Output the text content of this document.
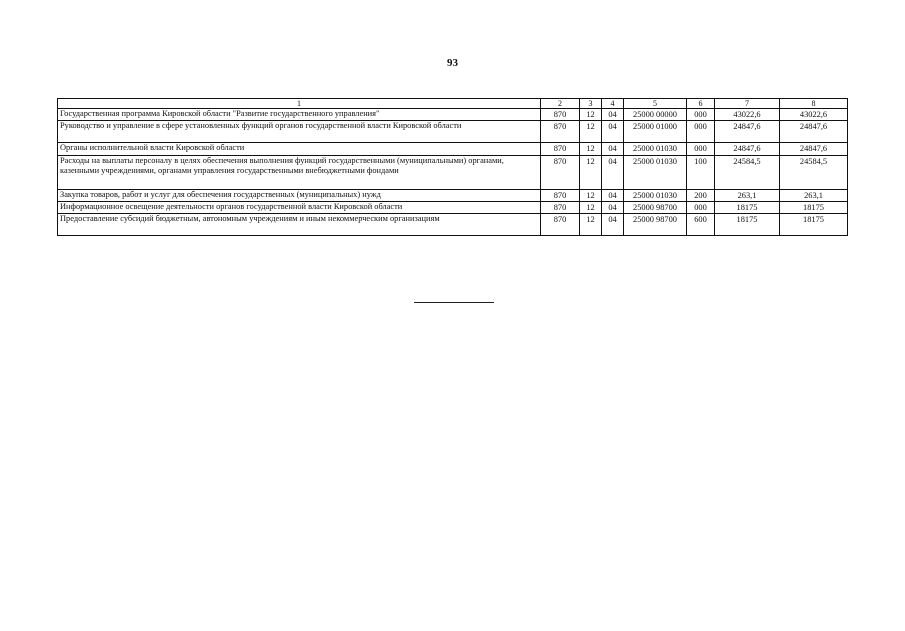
93
1	2	3	4	5	6	7	8
Государственная программа Кировской области "Развитие государственного управления"	870	12	04	25000 00000	000	43022,6	43022,6
Руководство и управление в сфере установленных функций органов государственной власти Кировской области	870	12	04	25000 01000	000	24847,6	24847,6
Органы исполнительной власти Кировской области	870	12	04	25000 01030	000	24847,6	24847,6
Расходы на выплаты персоналу в целях обеспечения выполнения функций государственными (муниципальными) органами, казенными учреждениями, органами управления государственными внебюджетными фондами	870	12	04	25000 01030	100	24584,5	24584,5
Закупка товаров, работ и услуг для обеспечения государственных (муниципальных) нужд	870	12	04	25000 01030	200	263,1	263,1
Информационное освещение деятельности органов государственной власти Кировской области	870	12	04	25000 98700	000	18175	18175
Предоставление субсидий бюджетным, автономным учреждениям и иным некоммерческим организациям	870	12	04	25000 98700	600	18175	18175
